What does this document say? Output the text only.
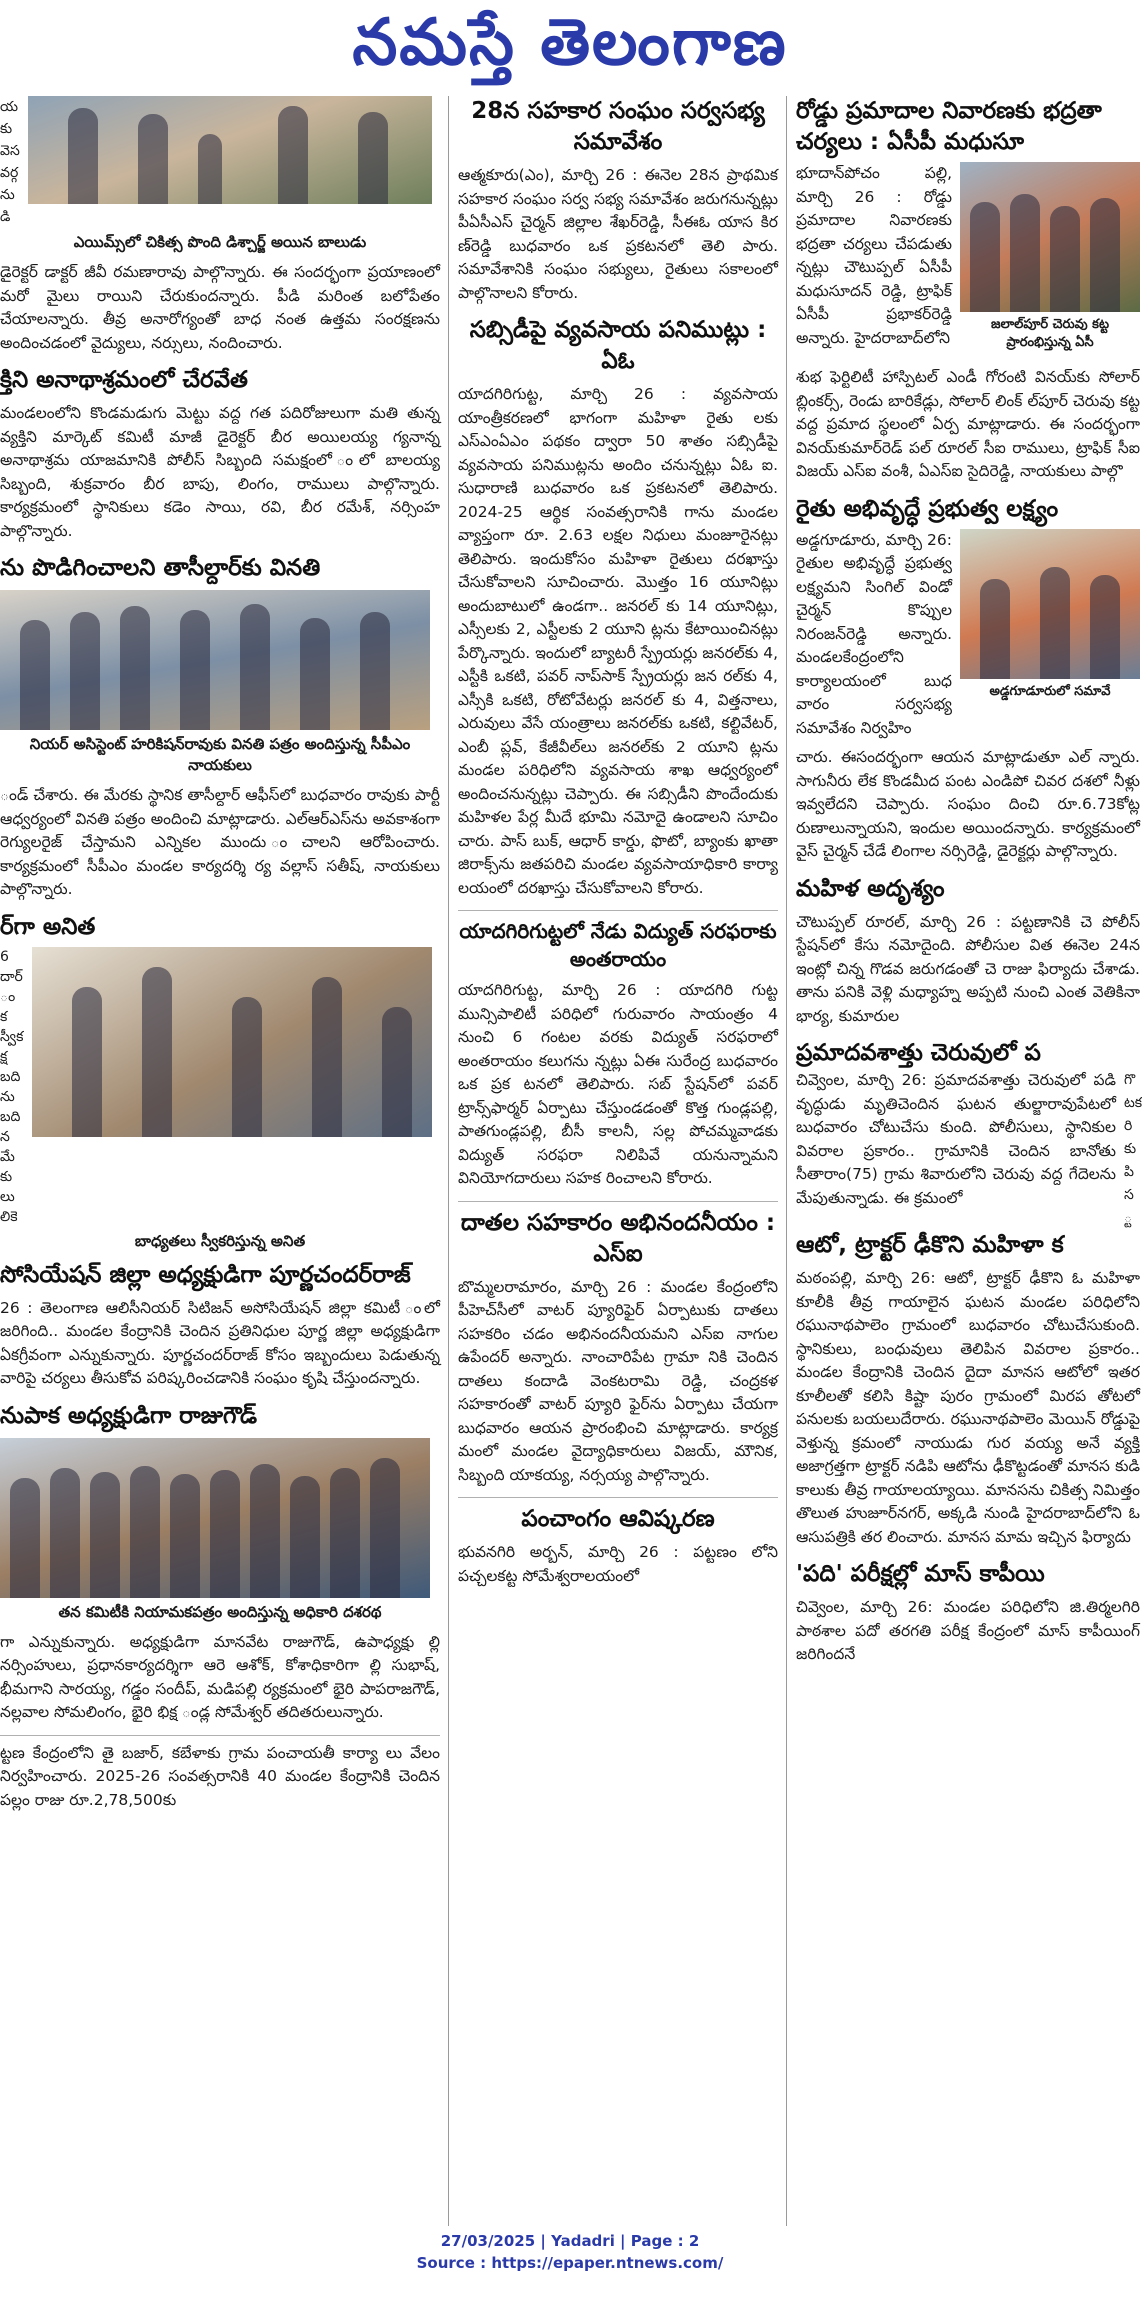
నమస్తే తెలంగాణ
య
కు
వెస
వర్గ
ను
డి
ఎయిమ్స్‌లో చికిత్స పొంది డిశ్చార్జ్ అయిన బాలుడు
డైరెక్టర్ డాక్టర్ జీవీ రమణారావు పాల్గొన్నారు. ఈ సందర్భంగా ప్రయాణంలో మరో మైలు రాయిని చేరుకుందన్నారు. పీడి మరింత బలోపేతం చేయాలన్నారు. తీవ్ర అనారోగ్యంతో బాధ నంత ఉత్తమ సంరక్షణను అందించడంలో వైద్యులు, నర్సులు, నందించారు.
క్తిని అనాథాశ్రమంలో చేరవేత
మండలంలోని కొండమడుగు మెట్టు వద్ద గత పదిరోజులుగా మతి తున్న వ్యక్తిని మార్కెట్ కమిటీ మాజీ డైరెక్టర్ బీర అయిలయ్య గ్యనాన్న అనాథాశ్రమ యాజమానికి పోలీస్ సిబ్బంది సమక్షంలో ంలో బాలయ్య సిబ్బంది, శుక్రవారం బీర బాపు, లింగం, రాములు పాల్గొన్నారు. కార్యక్రమంలో స్థానికులు కడెం సాయి, రవి, బీర రమేశ్, నర్సింహ పాల్గొన్నారు.
ను పొడిగించాలని తాసీల్దార్‌కు వినతి
నియర్ అసిస్టెంట్ హరికిషన్‌రావుకు వినతి పత్రం అందిస్తున్న సీపీఎం నాయకులు
ండ్ చేశారు. ఈ మేరకు స్థానిక తాసీల్దార్ ఆఫీస్‌లో బుధవారం రావుకు పార్టీ ఆధ్వర్యంలో వినతి పత్రం అందించి మాట్లాడారు. ఎల్ఆర్ఎస్‌ను అవకాశంగా రెగ్యులరైజ్ చేస్తామని ఎన్నికల ముందు ంచాలని ఆరోపించారు. కార్యక్రమంలో సీపీఎం మండల కార్యదర్శి ర్య వల్లాస్ సతీష్, నాయకులు పాల్గొన్నారు.
ర్‌గా అనిత
6
దార్
ం
క
స్వీక
క్ష
బది
ను
బది
న
మేకు
లు
లికె
బాధ్యతలు స్వీకరిస్తున్న అనిత
సోసియేషన్ జిల్లా అధ్యక్షుడిగా పూర్ణచందర్‌రాజ్
26 : తెలంగాణ ఆలిసీనియర్ సిటిజన్ అసోసియేషన్ జిల్లా కమిటీ ంలో జరిగింది.. మండల కేంద్రానికి చెందిన ప్రతినిధుల పూర్ణ జిల్లా అధ్యక్షుడిగా ఏకగ్రీవంగా ఎన్నుకున్నారు. పూర్ణచందర్‌రాజ్ కోసం ఇబ్బందులు పెడుతున్న వారిపై చర్యలు తీసుకోవ పరిష్కరించడానికి సంఘం కృషి చేస్తుందన్నారు.
నుపాక అధ్యక్షుడిగా రాజుగౌడ్
తన కమిటీకి నియామకపత్రం అందిస్తున్న అధికారి దశరథ
గా ఎన్నుకున్నారు. అధ్యక్షుడిగా మానవేట రాజుగౌడ్, ఉపాధ్యక్షు ల్లి నర్సింహులు, ప్రధానకార్యదర్శిగా ఆరె ఆశోక్, కోశాధికారిగా ల్లి సుభాష్, భీమగాని సారయ్య, గడ్డం సందీప్, మడిపల్లి ర్యక్రమంలో భైరి పాపరాజగౌడ్, నల్లవాల సోమలింగం, భైరి భిక్ష ండ్ల సోమేశ్వర్ తదితరులున్నారు.
ట్టణ కేంద్రంలోని తై బజార్, కబేళాకు గ్రామ పంచాయతీ కార్యా లు వేలం నిర్వహించారు. 2025-26 సంవత్సరానికి 40 మండల కేంద్రానికి చెందిన పల్లం రాజు రూ.2,78,500కు
28న సహకార సంఘం సర్వసభ్య సమావేశం
ఆత్మకూరు(ఎం), మార్చి 26 : ఈనెల 28న ప్రాథమిక సహకార సంఘం సర్వ సభ్య సమావేశం జరుగనున్నట్లు పీఏసీఎస్ చైర్మన్ జిల్లాల శేఖర్‌రెడ్డి, సీఈఓ యాస కిర ణ్‌రెడ్డి బుధవారం ఒక ప్రకటనలో తెలి పారు. సమావేశానికి సంఘం సభ్యులు, రైతులు సకాలంలో పాల్గొనాలని కోరారు.
సబ్సిడీపై వ్యవసాయ పనిముట్లు : ఏఓ
యాదగిరిగుట్ట, మార్చి 26 : వ్యవసాయ యాంత్రీకరణలో భాగంగా మహిళా రైతు లకు ఎస్ఎంఏఎం పథకం ద్వారా 50 శాతం సబ్సిడీపై వ్యవసాయ పనిముట్లను అందిం చనున్నట్లు ఏఓ ఐ. సుధారాణి బుధవారం ఒక ప్రకటనలో తెలిపారు. 2024-25 ఆర్థిక సంవత్సరానికి గాను మండల వ్యాప్తంగా రూ. 2.63 లక్షల నిధులు మంజూరైనట్లు తెలిపారు. ఇందుకోసం మహిళా రైతులు దరఖాస్తు చేసుకోవాలని సూచించారు. మొత్తం 16 యూనిట్లు అందుబాటులో ఉండగా.. జనరల్ కు 14 యూనిట్లు, ఎస్సీలకు 2, ఎస్టీలకు 2 యూని ట్లను కేటాయించినట్లు పేర్కొన్నారు. ఇందులో బ్యాటరీ స్ప్రేయర్లు జనరల్‌కు 4, ఎస్టీకి ఒకటి, పవర్ నాప్‌సాక్ స్ప్రేయర్లు జన రల్‌కు 4, ఎస్సీకి ఒకటి, రోటోవేటర్లు జనరల్ కు 4, విత్తనాలు, ఎరువులు వేసే యంత్రాలు జనరల్‌కు ఒకటి, కల్టివేటర్, ఎంబీ ప్లవ్, కేజీవీల్‌లు జనరల్‌కు 2 యూని ట్లను మండల పరిధిలోని వ్యవసాయ శాఖ ఆధ్వర్యంలో అందించనున్నట్లు చెప్పారు. ఈ సబ్సిడీని పొందేందుకు మహిళల పేర్ల మీదే భూమి నమోదై ఉండాలని సూచిం చారు. పాస్ బుక్, ఆధార్ కార్డు, ఫొటో, బ్యాంకు ఖాతా జిరాక్స్‌ను జతపరిచి మండల వ్యవసాయాధికారి కార్యా లయంలో దరఖాస్తు చేసుకోవాలని కోరారు.
యాదగిరిగుట్టలో నేడు విద్యుత్ సరఫరాకు అంతరాయం
యాదగిరిగుట్ట, మార్చి 26 : యాదగిరి గుట్ట మున్సిపాలిటీ పరిధిలో గురువారం సాయంత్రం 4 నుంచి 6 గంటల వరకు విద్యుత్ సరఫరాలో అంతరాయం కలుగను న్నట్లు ఏఈ సురేంద్ర బుధవారం ఒక ప్రక టనలో తెలిపారు. సబ్ స్టేషన్‌లో పవర్ ట్రాన్స్‌ఫార్మర్ ఏర్పాటు చేస్తుండడంతో కొత్త గుండ్లపల్లి, పాతగుండ్లపల్లి, బీసీ కాలనీ, సల్ల పోచమ్మవాడకు విద్యుత్ సరఫరా నిలిపివే యనున్నామని వినియోగదారులు సహక రించాలని కోరారు.
దాతల సహకారం అభినందనీయం : ఎస్ఐ
బొమ్మలరామారం, మార్చి 26 : మండల కేంద్రంలోని పీహెచ్‌సీలో వాటర్ ప్యూరిఫైర్ ఏర్పాటుకు దాతలు సహకరిం చడం అభినందనీయమని ఎస్ఐ నాగుల ఉపేందర్ అన్నారు. నాంచారిపేట గ్రామా నికి చెందిన దాతలు కందాడి వెంకటరామి రెడ్డి, చంద్రకళ సహకారంతో వాటర్ ప్యూరి ఫైర్‌ను ఏర్పాటు చేయగా బుధవారం ఆయన ప్రారంభించి మాట్లాడారు. కార్యక్ర మంలో మండల వైద్యాధికారులు విజయ్, మౌనిక, సిబ్బంది యాకయ్య, నర్సయ్య పాల్గొన్నారు.
పంచాంగం ఆవిష్కరణ
భువనగిరి అర్బన్, మార్చి 26 : పట్టణం లోని పచ్చలకట్ట సోమేశ్వరాలయంలో
రోడ్డు ప్రమాదాల నివారణకు భద్రతా చర్యలు : ఏసీపీ మధుసూ
భూదాన్‌పోచం పల్లి, మార్చి 26 : రోడ్డు ప్రమాదాల నివారణకు భద్రతా చర్యలు చేపడుతు న్నట్లు చౌటుప్పల్ ఏసీపీ మధుసూదన్ రెడ్డి, ట్రాఫిక్ ఏసీపీ ప్రభాకర్‌రెడ్డి అన్నారు. హైదరాబాద్‌లోని
జలాల్‌పూర్ చెరువు కట్ట ప్రారంభిస్తున్న ఏసీ
శుభ ఫెర్టిలిటీ హాస్పిటల్ ఎండీ గోరంటి వినయ్‌కు సోలార్ బ్లింకర్స్, రెండు బారికేడ్లు, సోలార్ లింక్ ల్‌పూర్ చెరువు కట్ట వద్ద ప్రమాద స్థలంలో ఏర్ప మాట్లాడారు. ఈ సందర్భంగా వినయ్‌కుమార్‌రెడ్ పల్ రూరల్ సీఐ రాములు, ట్రాఫిక్ సీఐ విజయ్ ఎస్ఐ వంశీ, ఏఎస్ఐ సైదిరెడ్డి, నాయకులు పాల్గొ
రైతు అభివృద్ధే ప్రభుత్వ లక్ష్యం
అడ్డగూడూరు, మార్చి 26: రైతుల అభివృద్ధే ప్రభుత్వ లక్ష్యమని సింగిల్ విండో చైర్మన్ కొప్పుల నిరంజన్‌రెడ్డి అన్నారు. మండలకేంద్రంలోని కార్యాలయంలో బుధ వారం సర్వసభ్య సమావేశం నిర్వహిం
అడ్డగూడూరులో సమావే
చారు. ఈసందర్భంగా ఆయన మాట్లాడుతూ ఎల్ న్నారు. సాగునీరు లేక కొండమీద పంట ఎండిపో చివర దశలో నీళ్లు ఇవ్వలేదని చెప్పారు. సంఘం దించి రూ.6.73కోట్ల రుణాలున్నాయని, ఇందుల అయిందన్నారు. కార్యక్రమంలో వైస్ చైర్మన్ చేడే లింగాల నర్సిరెడ్డి, డైరెక్టర్లు పాల్గొన్నారు.
మహిళ అదృశ్యం
చౌటుప్పల్ రూరల్, మార్చి 26 : పట్టణానికి చె పోలీస్ స్టేషన్‌లో కేసు నమోదైంది. పోలీసుల విత ఈనెల 24న ఇంట్లో చిన్న గొడవ జరుగడంతో చె రాజు ఫిర్యాదు చేశాడు. తాను పనికి వెళ్లి మధ్యాహ్న అప్పటి నుంచి ఎంత వెతికినా భార్య, కుమారుల
ప్రమాదవశాత్తు చెరువులో ప
చివ్వెంల, మార్చి 26: ప్రమాదవశాత్తు చెరువులో పడి వృద్ధుడు మృతిచెందిన ఘటన తుల్జారావుపేటలో బుధవారం చోటుచేసు కుంది. పోలీసులు, స్థానికుల వివరాల ప్రకారం.. గ్రామానికి చెందిన బానోతు సీతారాం(75) గ్రామ శివారులోని చెరువు వద్ద గేదెలను మేపుతున్నాడు. ఈ క్రమంలో
గొ
టక
రి
కు
పి
స
్ట
ఆటో, ట్రాక్టర్ ఢీకొని మహిళా క
మఠంపల్లి, మార్చి 26: ఆటో, ట్రాక్టర్ ఢీకొని ఓ మహిళా కూలీకి తీవ్ర గాయాలైన ఘటన మండల పరిధిలోని రఘునాథపాలెం గ్రామంలో బుధవారం చోటుచేసుకుంది. స్థానికులు, బంధువులు తెలిపిన వివరాల ప్రకారం.. మండల కేంద్రానికి చెందిన దైదా మానస ఆటోలో ఇతర కూలీలతో కలిసి కిష్టా పురం గ్రామంలో మిరప తోటలో పనులకు బయలుదేరారు. రఘునాథపాలెం మెయిన్ రోడ్డుపై వెళ్తున్న క్రమంలో నాయుడు గుర వయ్య అనే వ్యక్తి అజాగ్రత్తగా ట్రాక్టర్ నడిపి ఆటోను ఢీకొట్టడంతో మానస కుడి కాలుకు తీవ్ర గాయాలయ్యాయి. మానసను చికిత్స నిమిత్తం తొలుత హుజూర్‌నగర్, అక్కడి నుండి హైదరాబాద్‌లోని ఓ ఆసుపత్రికి తర లించారు. మానస మామ ఇచ్చిన ఫిర్యాదు
'పది' పరీక్షల్లో మాస్ కాపీయి
చివ్వెంల, మార్చి 26: మండల పరిధిలోని జి.తిర్మలగిరి పాఠశాల పదో తరగతి పరీక్ష కేంద్రంలో మాస్ కాపీయింగ్ జరిగిందనే
27/03/2025 | Yadadri | Page : 2
Source : https://epaper.ntnews.com/
